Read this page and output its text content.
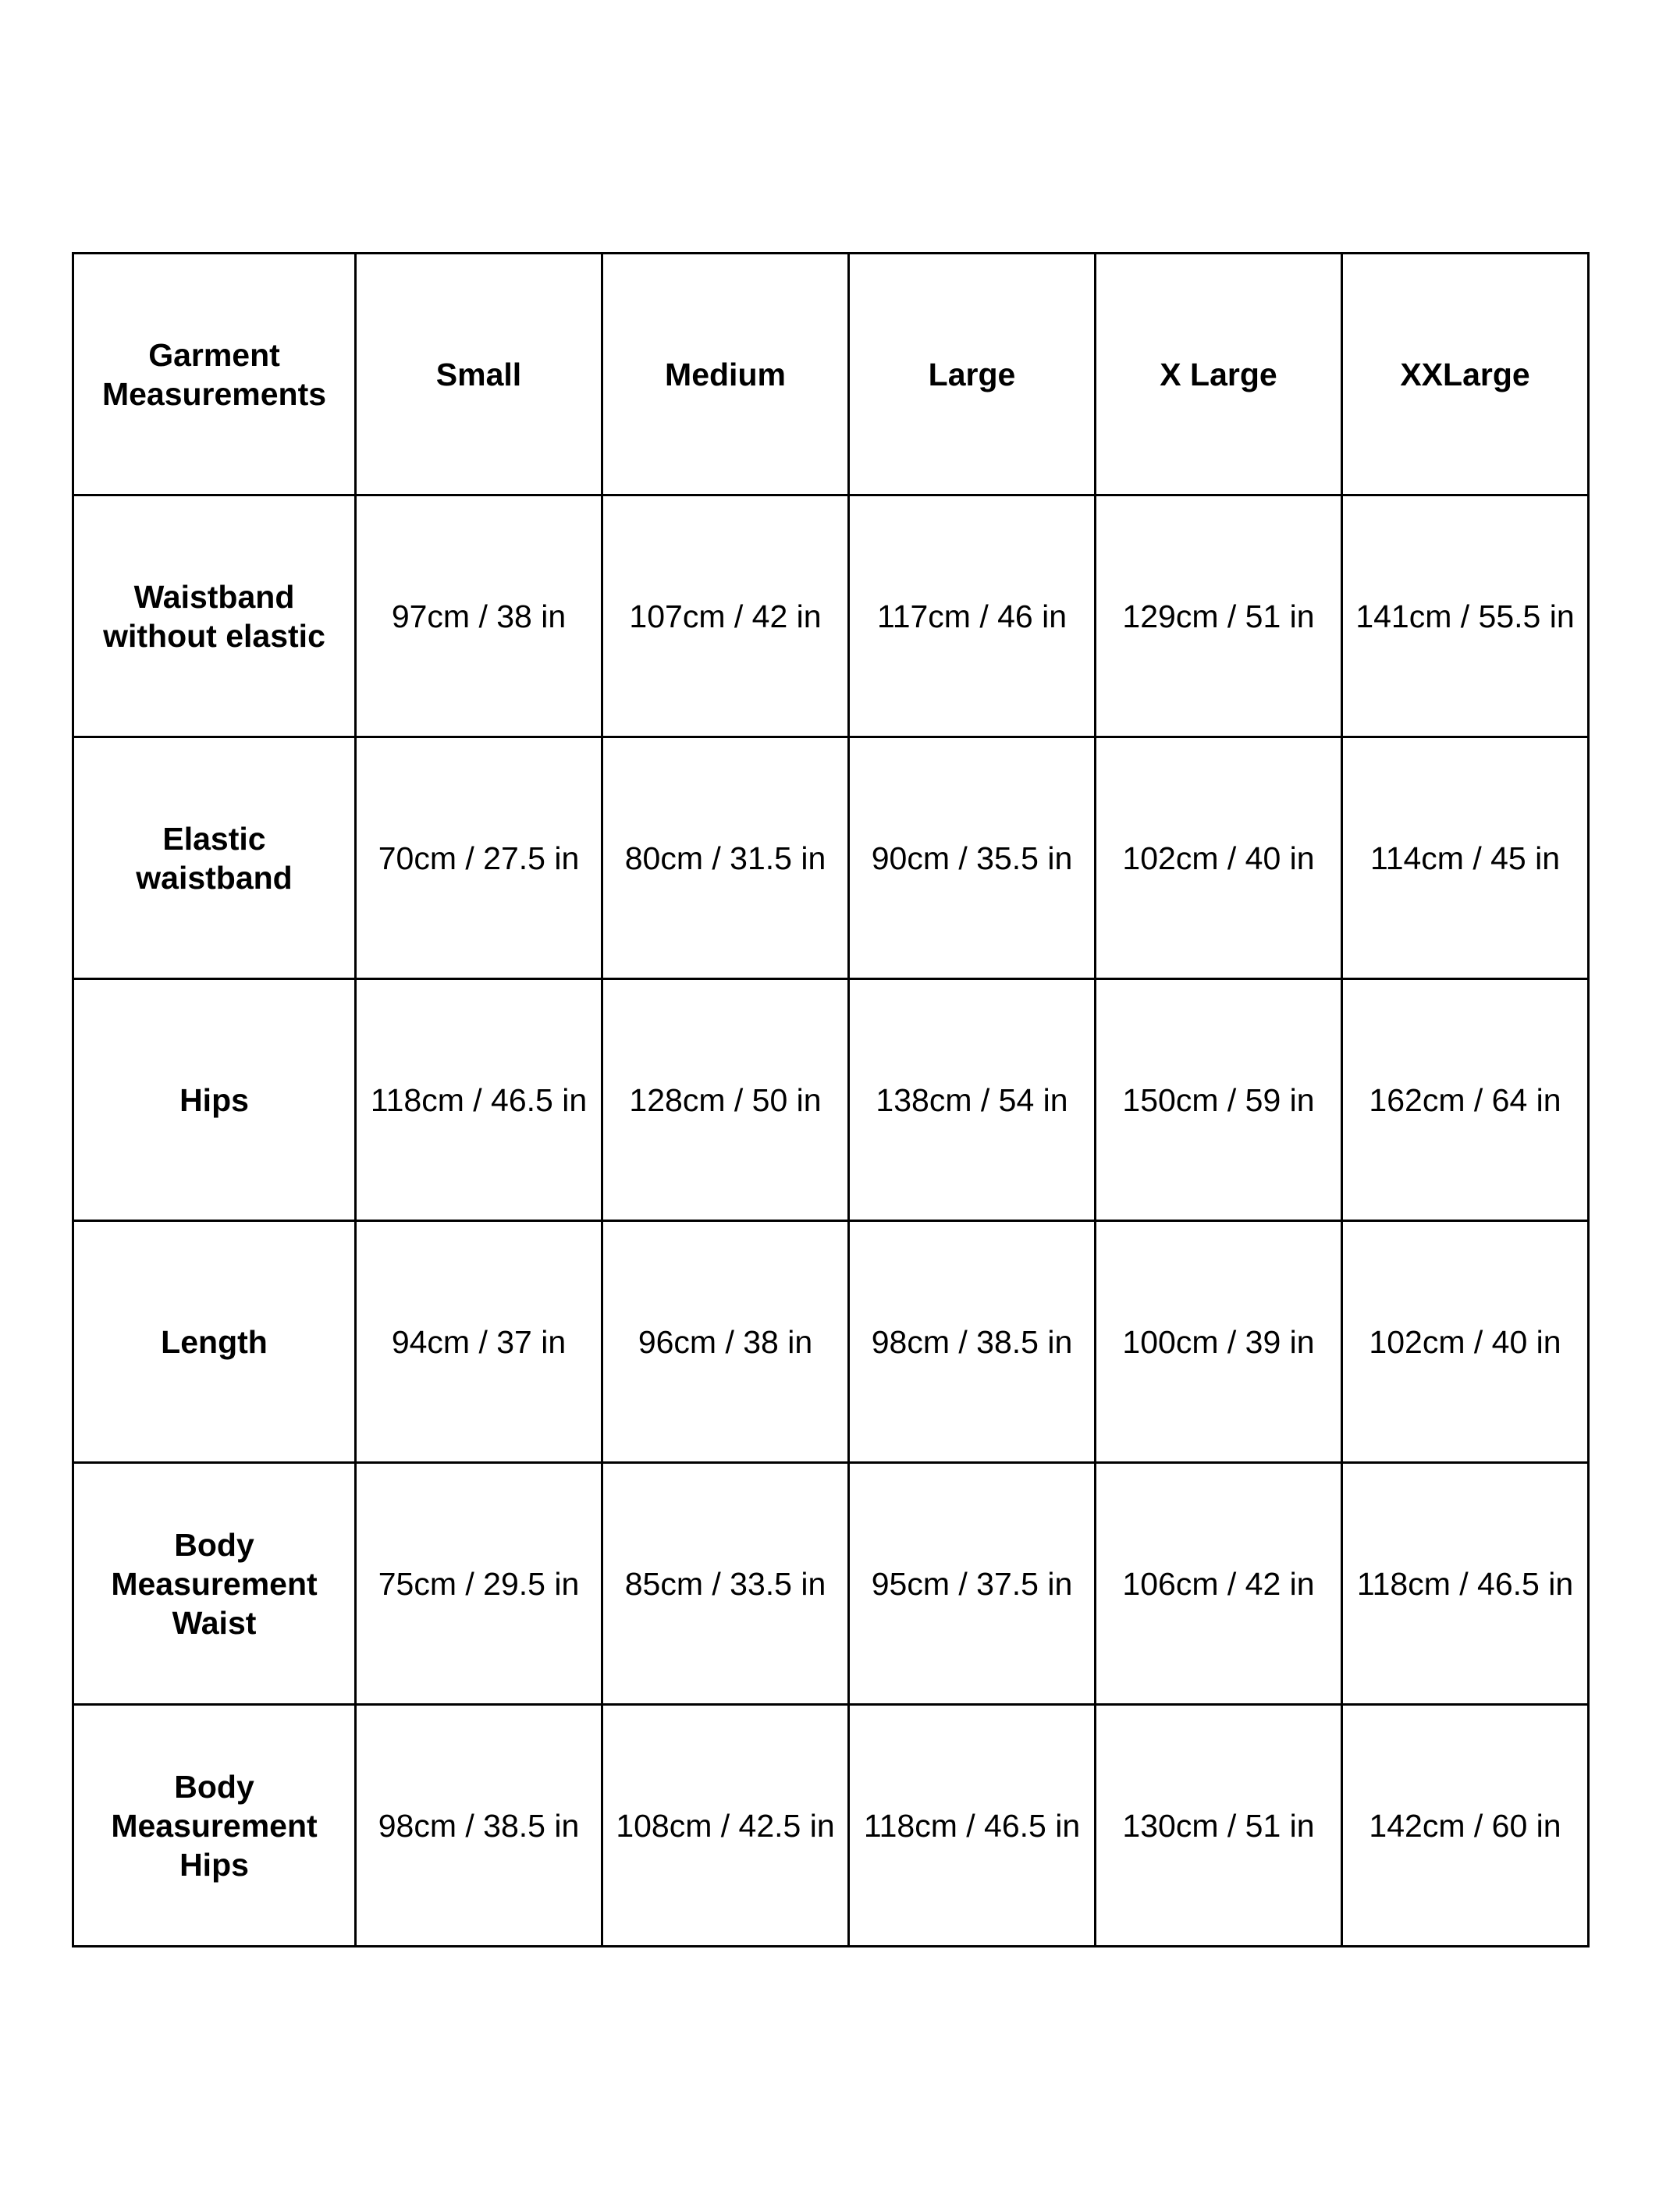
Garment
Measurements	Small	Medium	Large	X Large	XXLarge
Waistband
without elastic	97cm / 38 in	107cm / 42 in	117cm / 46 in	129cm / 51 in	141cm / 55.5 in
Elastic
waistband	70cm / 27.5 in	80cm / 31.5 in	90cm / 35.5 in	102cm / 40 in	114cm / 45 in
Hips	118cm / 46.5 in	128cm / 50 in	138cm / 54 in	150cm / 59 in	162cm / 64 in
Length	94cm / 37 in	96cm / 38 in	98cm / 38.5 in	100cm / 39 in	102cm / 40 in
Body
Measurement
Waist	75cm / 29.5 in	85cm / 33.5 in	95cm / 37.5 in	106cm / 42 in	118cm / 46.5 in
Body
Measurement
Hips	98cm / 38.5 in	108cm / 42.5 in	118cm / 46.5 in	130cm / 51 in	142cm / 60 in
